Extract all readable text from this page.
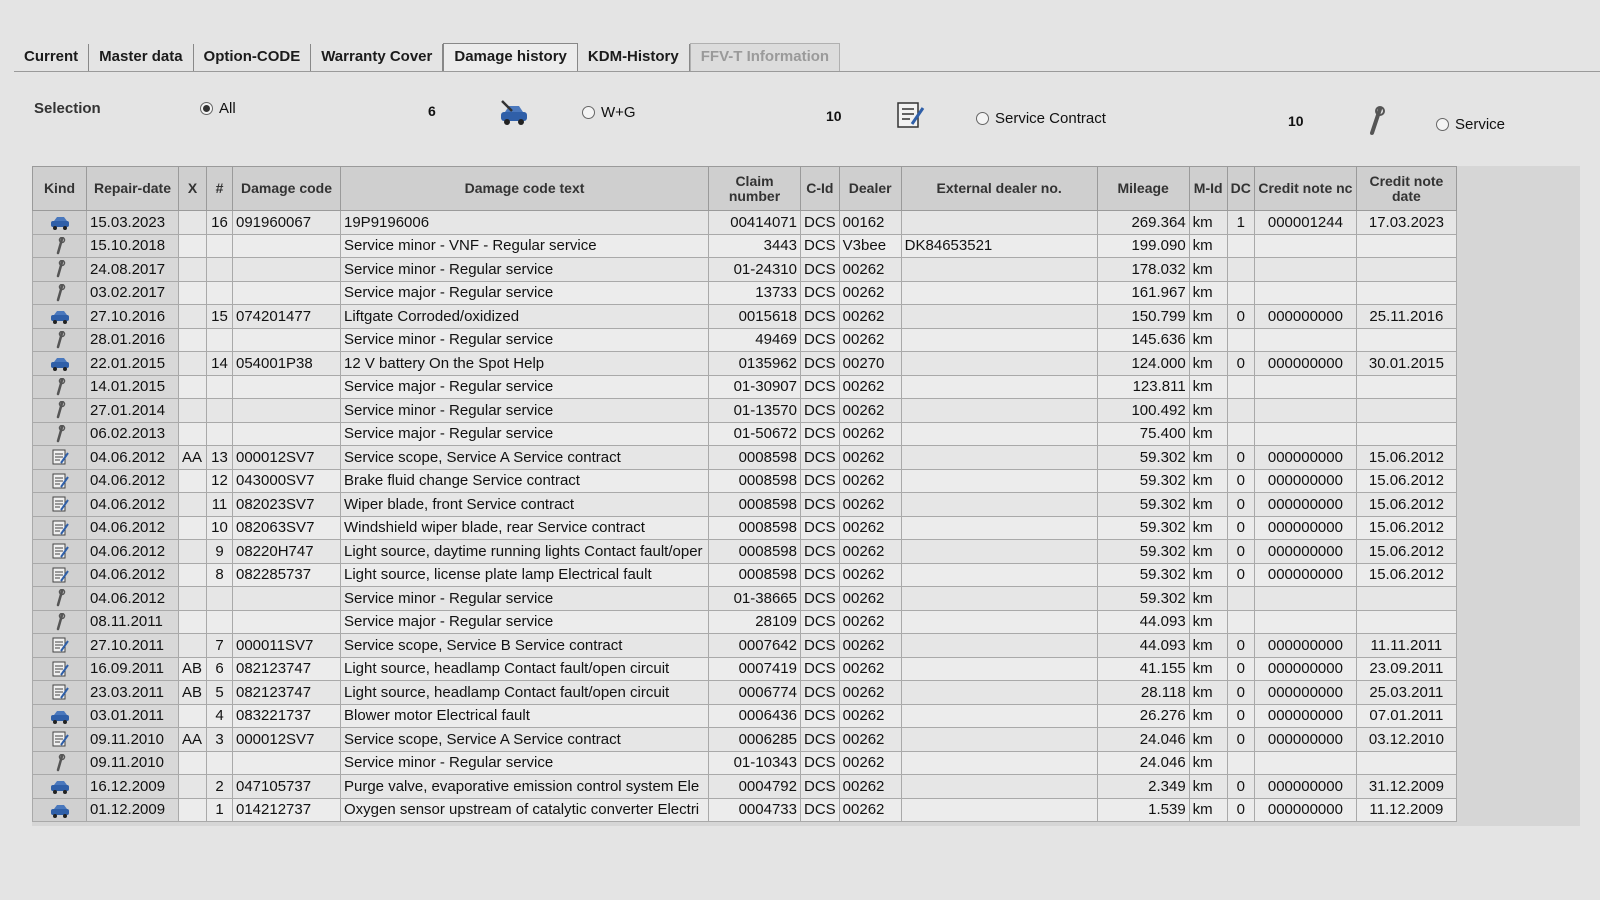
Current	Master data	Option-CODE	Warranty Cover	Damage history	KDM-History	FFV-T Information
Selection	All	6	W+G	10	Service Contract	10	Service
Kind	Repair-date	X	#	Damage code	Damage code text	Claim number	C-Id	Dealer	External dealer no.	Mileage	M-Id	DC	Credit note nc	Credit note date

	15.03.2023		16	091960067	19P9196006	00414071	DCS	00162		269.364	km	1	000001244	17.03.2023

	15.10.2018				Service minor - VNF - Regular service	3443	DCS	V3bee	DK84653521	199.090	km			

	24.08.2017				Service minor - Regular service	01-24310	DCS	00262		178.032	km			

	03.02.2017				Service major - Regular service	13733	DCS	00262		161.967	km			

	27.10.2016		15	074201477	Liftgate Corroded/oxidized	0015618	DCS	00262		150.799	km	0	000000000	25.11.2016

	28.01.2016				Service minor - Regular service	49469	DCS	00262		145.636	km			

	22.01.2015		14	054001P38	12 V battery On the Spot Help	0135962	DCS	00270		124.000	km	0	000000000	30.01.2015

	14.01.2015				Service major - Regular service	01-30907	DCS	00262		123.811	km			

	27.01.2014				Service minor - Regular service	01-13570	DCS	00262		100.492	km			

	06.02.2013				Service major - Regular service	01-50672	DCS	00262		75.400	km			

	04.06.2012	AA	13	000012SV7	Service scope, Service A Service contract	0008598	DCS	00262		59.302	km	0	000000000	15.06.2012

	04.06.2012		12	043000SV7	Brake fluid change Service contract	0008598	DCS	00262		59.302	km	0	000000000	15.06.2012

	04.06.2012		11	082023SV7	Wiper blade, front Service contract	0008598	DCS	00262		59.302	km	0	000000000	15.06.2012

	04.06.2012		10	082063SV7	Windshield wiper blade, rear Service contract	0008598	DCS	00262		59.302	km	0	000000000	15.06.2012

	04.06.2012		9	08220H747	Light source, daytime running lights Contact fault/oper	0008598	DCS	00262		59.302	km	0	000000000	15.06.2012

	04.06.2012		8	082285737	Light source, license plate lamp Electrical fault	0008598	DCS	00262		59.302	km	0	000000000	15.06.2012

	04.06.2012				Service minor - Regular service	01-38665	DCS	00262		59.302	km			

	08.11.2011				Service major - Regular service	28109	DCS	00262		44.093	km			

	27.10.2011		7	000011SV7	Service scope, Service B Service contract	0007642	DCS	00262		44.093	km	0	000000000	11.11.2011

	16.09.2011	AB	6	082123747	Light source, headlamp Contact fault/open circuit	0007419	DCS	00262		41.155	km	0	000000000	23.09.2011

	23.03.2011	AB	5	082123747	Light source, headlamp Contact fault/open circuit	0006774	DCS	00262		28.118	km	0	000000000	25.03.2011

	03.01.2011		4	083221737	Blower motor Electrical fault	0006436	DCS	00262		26.276	km	0	000000000	07.01.2011

	09.11.2010	AA	3	000012SV7	Service scope, Service A Service contract	0006285	DCS	00262		24.046	km	0	000000000	03.12.2010

	09.11.2010				Service minor - Regular service	01-10343	DCS	00262		24.046	km			

	16.12.2009		2	047105737	Purge valve, evaporative emission control system Ele	0004792	DCS	00262		2.349	km	0	000000000	31.12.2009

	01.12.2009		1	014212737	Oxygen sensor upstream of catalytic converter Electri	0004733	DCS	00262		1.539	km	0	000000000	11.12.2009
